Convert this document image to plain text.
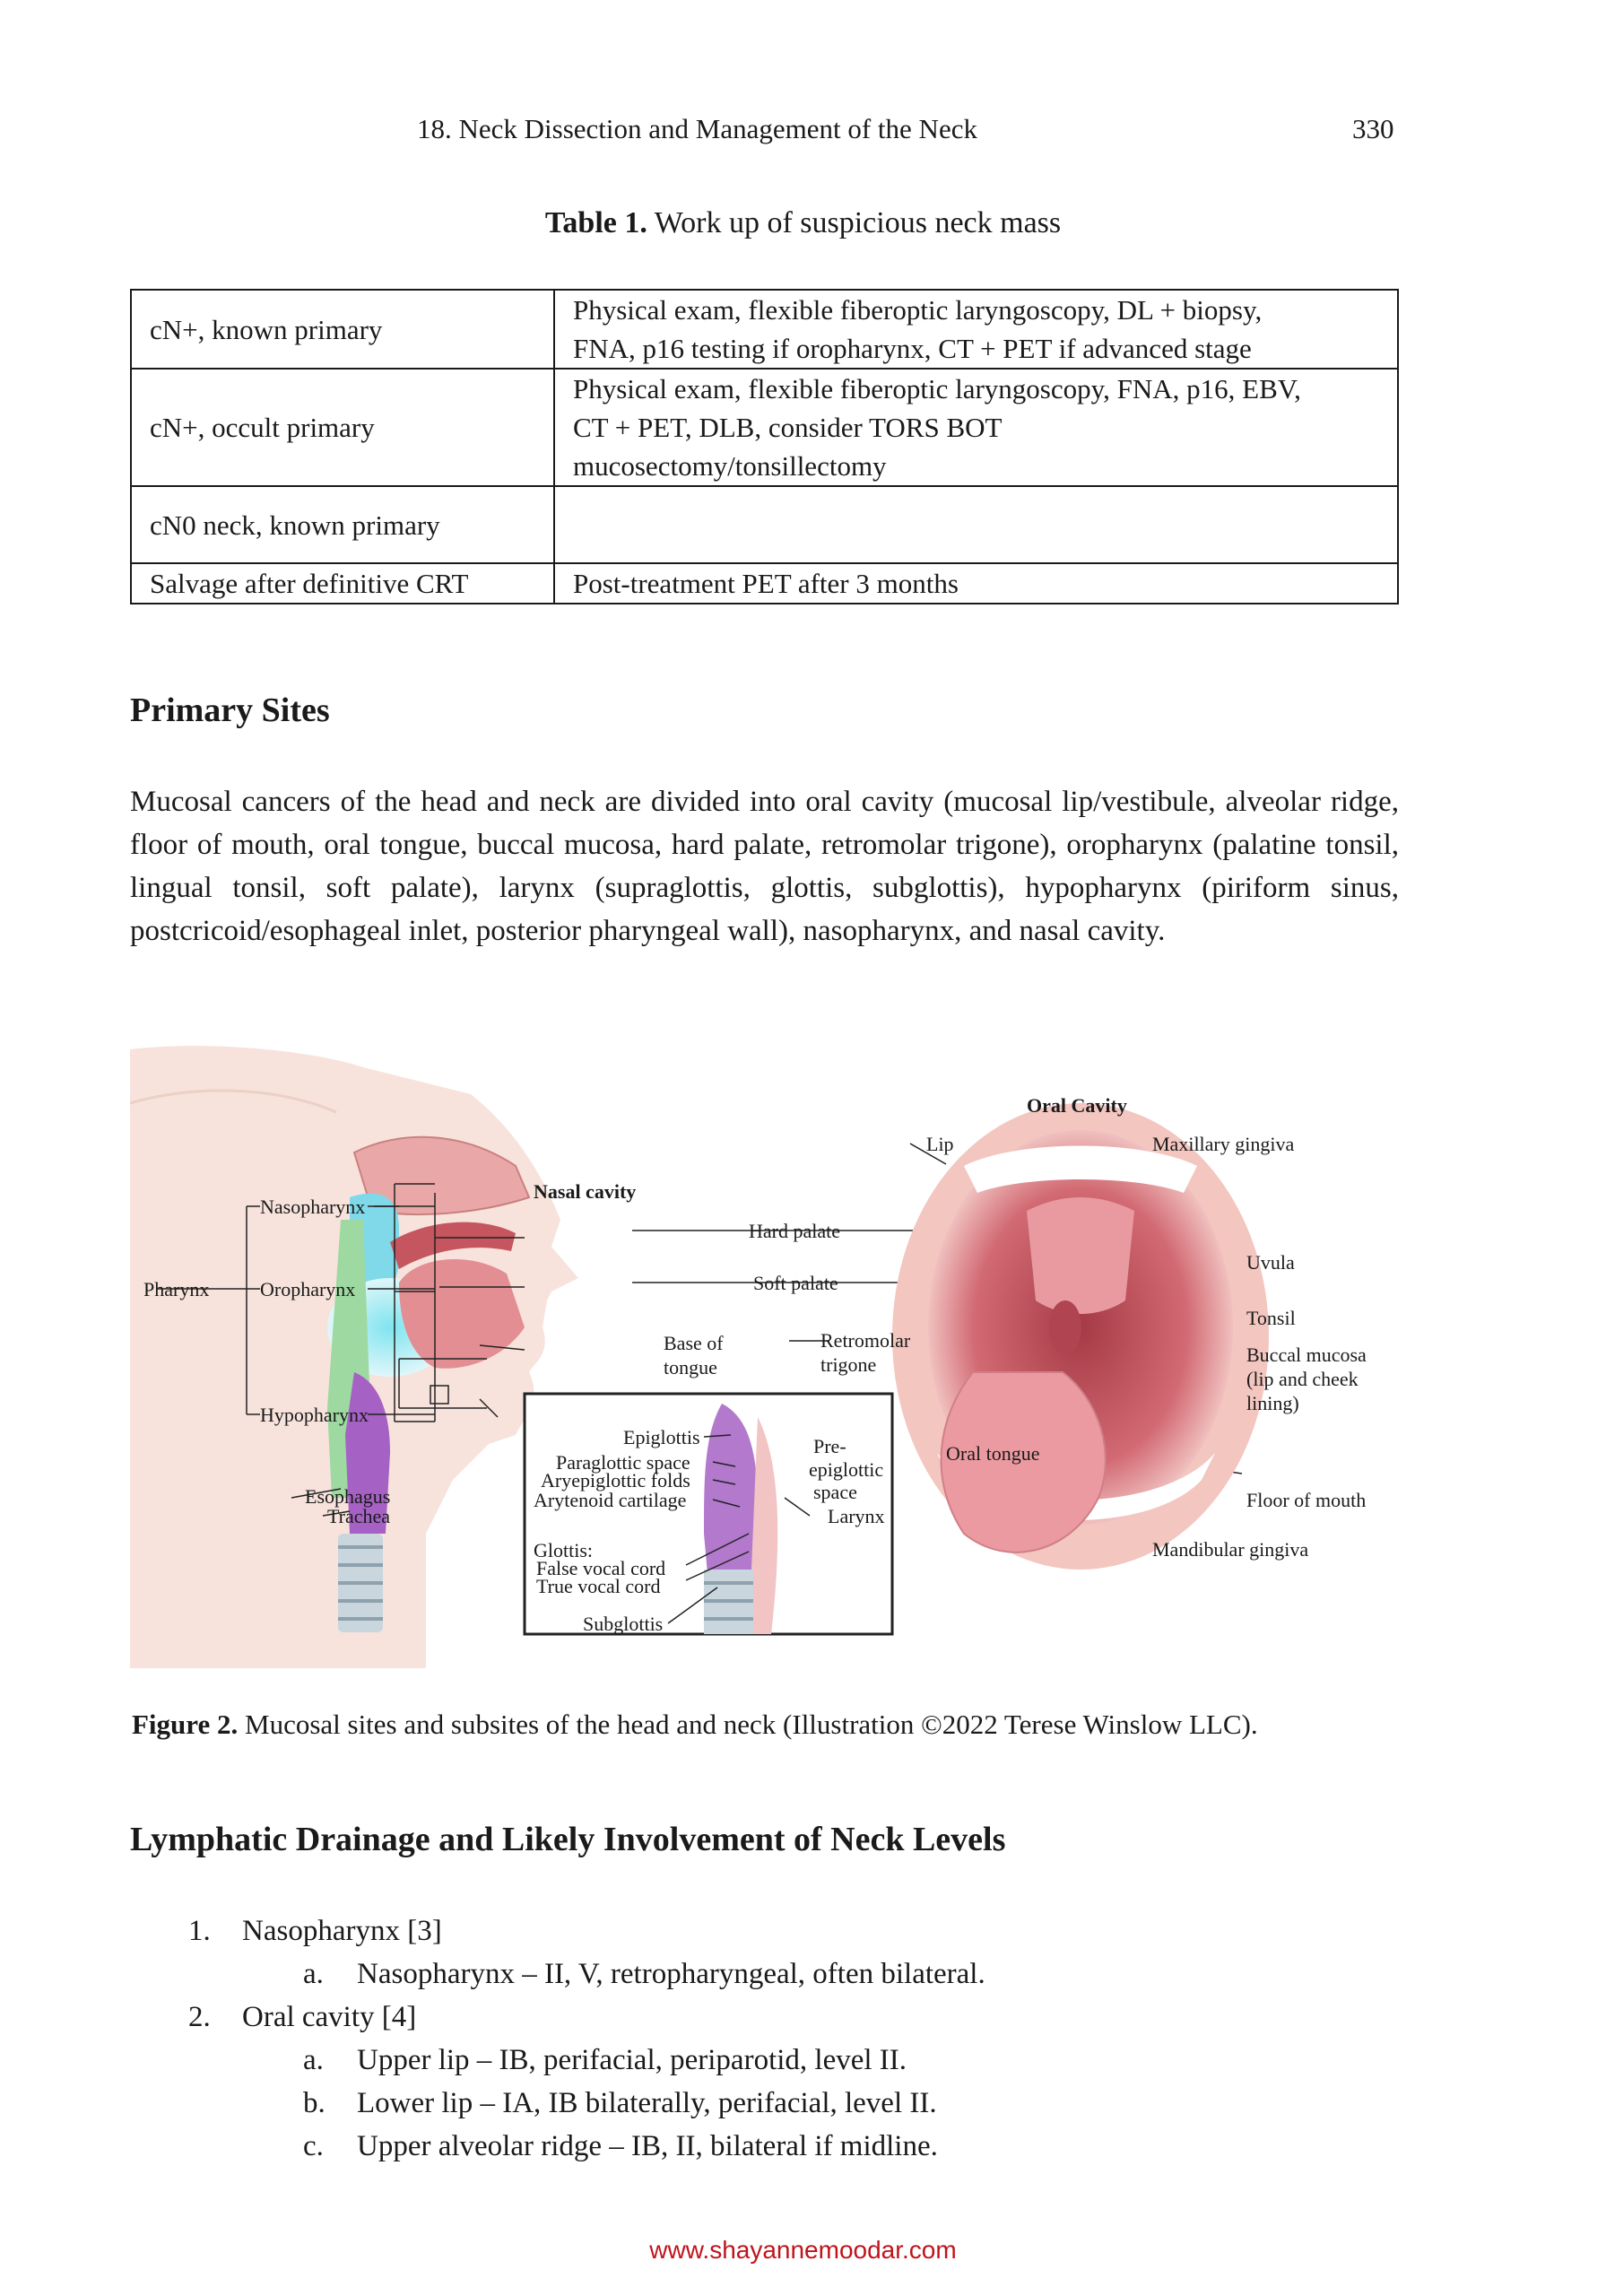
18. Neck Dissection and Management of the Neck	330
Table 1. Work up of suspicious neck mass
cN+, known primary	Physical exam, flexible fiberoptic laryngoscopy, DL + biopsy,
FNA, p16 testing if oropharynx, CT + PET if advanced stage

cN+, occult primary	Physical exam, flexible fiberoptic laryngoscopy, FNA, p16, EBV,
CT + PET, DLB, consider TORS BOT
mucosectomy/tonsillectomy

cN0 neck, known primary	
Salvage after definitive CRT	Post-treatment PET after 3 months
Primary Sites

Mucosal cancers of the head and neck are divided into oral cavity (mucosal lip/vestibule, alveolar ridge, floor of mouth, oral tongue, buccal mucosa, hard palate, retromolar trigone), oropharynx (palatine tonsil, lingual tonsil, soft palate), larynx (supraglottis, glottis, subglottis), hypopharynx (piriform sinus, postcricoid/esophageal inlet, posterior pharyngeal wall), nasopharynx, and nasal cavity.

Oral Cavity
Lip	Maxillary gingiva
Nasal cavity
Nasopharynx
Hard palate
Uvula
Pharynx	Oropharynx	Soft palate
Tonsil
Base of
tongue
Retromolar
trigone	Buccal mucosa
(lip and cheek
lining)
Hypopharynx
Epiglottis	Pre-
Paraglottic space	epiglottic
Oral tongue
Aryepiglottic folds
space
Arytenoid cartilage	Floor of mouth
Esophagus
Larynx
Trachea
Glottis:
False vocal cord
True vocal cord
Mandibular gingiva
Subglottis
Figure 2. Mucosal sites and subsites of the head and neck (Illustration ©2022 Terese Winslow LLC).
Lymphatic Drainage and Likely Involvement of Neck Levels
1. Nasopharynx [3]
a. Nasopharynx – II, V, retropharyngeal, often bilateral.
2. Oral cavity [4]
a. Upper lip – IB, perifacial, periparotid, level II.
b. Lower lip – IA, IB bilaterally, perifacial, level II.
c. Upper alveolar ridge – IB, II, bilateral if midline.
www.shayannemoodar.com
